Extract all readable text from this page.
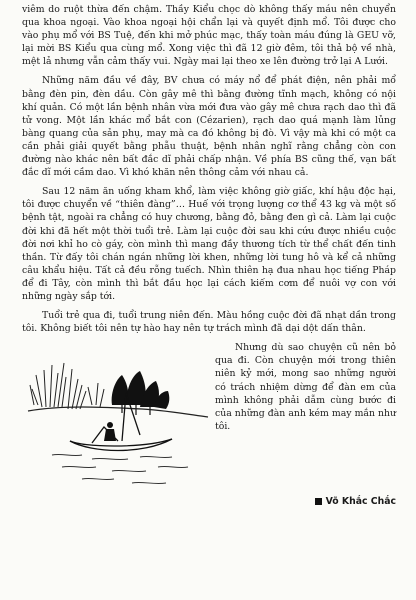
viêm do ruột thừa đến chậm. Thầy Kiểu chọc dò không thấy máu nên chuyển qua khoa ngoại. Vào khoa ngoại hội chẩn lại và quyết định mổ. Tôi được cho vào phụ mổ với BS Tuệ, đến khi mở phúc mạc, thấy toàn máu đúng là GEU vỡ, lại mời BS Kiểu qua cùng mổ. Xong việc thì đã 12 giờ đêm, tôi thả bộ về nhà, mệt lả nhưng vẫn cảm thấy vui. Ngày mai lại theo xe lên đường trở lại A Lưới.

Những năm đầu về đây, BV chưa có máy nổ để phát điện, nên phải mổ bằng đèn pin, đèn dầu. Còn gây mê thì bằng đường tĩnh mạch, không có nội khí quản. Có một lần bệnh nhân vừa mới đưa vào gây mê chưa rạch dao thì đã tử vong. Một lần khác mổ bắt con (Cézarien), rạch dao quá mạnh làm lủng bàng quang của sản phụ, may mà ca đó không bị đò. Vì vậy mà khi có một ca cần phải giải quyết bằng phẫu thuật, bệnh nhân nghĩ rằng chẳng còn con đường nào khác nên bất đắc dĩ phải chấp nhận. Về phía BS cũng thế, vạn bất đắc dĩ mới cầm dao. Vì khó khăn nên thông cảm với nhau cả.

Sau 12 năm ăn uống kham khổ, làm việc không giờ giấc, khí hậu độc hại, tôi được chuyển về “thiên đàng”… Huế với trọng lượng cơ thể 43 kg và một số bệnh tật, ngoài ra chẳng có huy chương, bằng đỏ, bằng đen gì cả. Làm lại cuộc đời khi đã hết một thời tuổi trẻ. Làm lại cuộc đời sau khi cứu được nhiều cuộc đời nơi khỉ ho cò gáy, còn mình thì mang đầy thương tích từ thể chất đến tinh thần. Từ đấy tôi chán ngán những lời khen, những lời tung hô và kể cả những câu khẩu hiệu. Tất cả đều rỗng tuếch. Nhìn thiên hạ đua nhau học tiếng Pháp để đi Tây, còn mình thì bắt đầu học lại cách kiếm cơm để nuôi vợ con với những ngày sắp tới.

Tuổi trẻ qua đi, tuổi trung niên đến. Màu hồng cuộc đời đã nhạt dần trong tôi. Không biết tôi nên tự hào hay nên tự trách mình đã dại dột dấn thân.

Nhưng dù sao chuyện cũ nên bỏ qua đi. Còn chuyện mới trong thiên niên kỷ mới, mong sao những người có trách nhiệm dừng để đàn em của mình không phải dẫm cùng bước đi của những đàn anh kém may mắn như tôi.

Võ Khắc Chắc
